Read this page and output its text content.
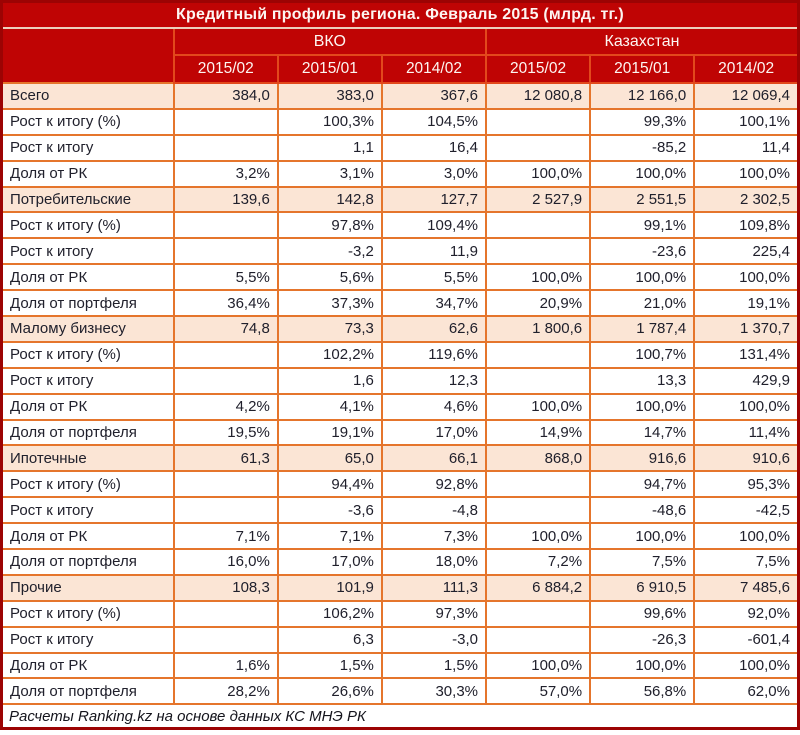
Кредитный профиль региона. Февраль 2015 (млрд. тг.)						
	ВКО			Казахстан		
	2015/02	2015/01	2014/02	2015/02	2015/01	2014/02
Всего	384,0	383,0	367,6	12 080,8	12 166,0	12 069,4
Рост к итогу (%)		100,3%	104,5%		99,3%	100,1%
Рост к итогу		1,1	16,4		-85,2	11,4
Доля от РК	3,2%	3,1%	3,0%	100,0%	100,0%	100,0%
Потребительские	139,6	142,8	127,7	2 527,9	2 551,5	2 302,5
Рост к итогу (%)		97,8%	109,4%		99,1%	109,8%
Рост к итогу		-3,2	11,9		-23,6	225,4
Доля от РК	5,5%	5,6%	5,5%	100,0%	100,0%	100,0%
Доля от портфеля	36,4%	37,3%	34,7%	20,9%	21,0%	19,1%
Малому бизнесу	74,8	73,3	62,6	1 800,6	1 787,4	1 370,7
Рост к итогу (%)		102,2%	119,6%		100,7%	131,4%
Рост к итогу		1,6	12,3		13,3	429,9
Доля от РК	4,2%	4,1%	4,6%	100,0%	100,0%	100,0%
Доля от портфеля	19,5%	19,1%	17,0%	14,9%	14,7%	11,4%
Ипотечные	61,3	65,0	66,1	868,0	916,6	910,6
Рост к итогу (%)		94,4%	92,8%		94,7%	95,3%
Рост к итогу		-3,6	-4,8		-48,6	-42,5
Доля от РК	7,1%	7,1%	7,3%	100,0%	100,0%	100,0%
Доля от портфеля	16,0%	17,0%	18,0%	7,2%	7,5%	7,5%
Прочие	108,3	101,9	111,3	6 884,2	6 910,5	7 485,6
Рост к итогу (%)		106,2%	97,3%		99,6%	92,0%
Рост к итогу		6,3	-3,0		-26,3	-601,4
Доля от РК	1,6%	1,5%	1,5%	100,0%	100,0%	100,0%
Доля от портфеля	28,2%	26,6%	30,3%	57,0%	56,8%	62,0%
Расчеты Ranking.kz на основе данных КС МНЭ РК						
